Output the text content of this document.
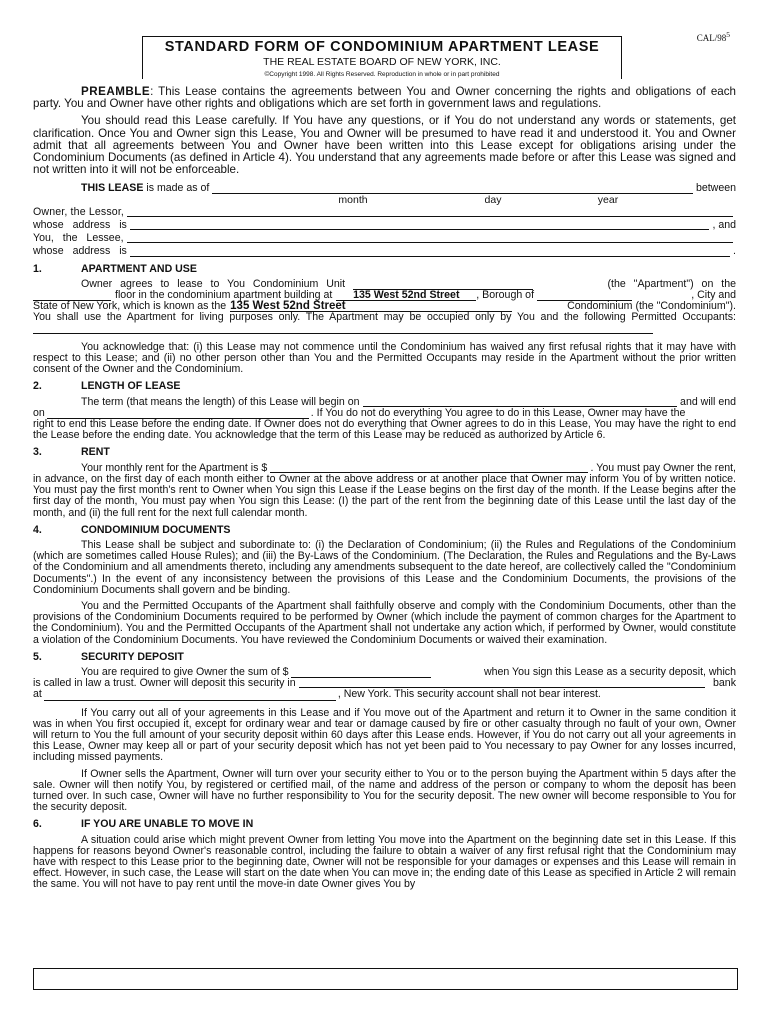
CAL/$98^5$
STANDARD FORM OF CONDOMINIUM APARTMENT LEASE
THE REAL ESTATE BOARD OF NEW YORK, INC.
©Copyright 1998. All Rights Reserved. Reproduction in whole or in part prohibited

PREAMBLE: This Lease contains the agreements between You and Owner concerning the rights and obligations of each party. You and Owner have other rights and obligations which are set forth in government laws and regulations.

You should read this Lease carefully. If You have any questions, or if You do not understand any words or statements, get clarification. Once You and Owner sign this Lease, You and Owner will be presumed to have read it and understood it. You and Owner admit that all agreements between You and Owner have been written into this Lease except for obligations arising under the Condominium Documents (as defined in Article 4). You understand that any agreements made before or after this Lease was signed and not written into it will not be enforceable.

THIS LEASE is made as of	between
month	day	year
Owner, the Lessor,
whose address is	, and
You, the Lessee,
whose address is	.
1.	APARTMENT AND USE
Owner agrees to lease to You Condominium Unit	(the "Apartment") on the
floor in the condominium apartment building at	135 West 52nd Street	, Borough of	, City and
State of New York, which is known as the 135 West 52nd Street	Condominium (the "Condominium").

You shall use the Apartment for living purposes only. The Apartment may be occupied only by You and the following Permitted Occupants:

You acknowledge that: (i) this Lease may not commence until the Condominium has waived any first refusal rights that it may have with respect to this Lease; and (ii) no other person other than You and the Permitted Occupants may reside in the Apartment without the prior written consent of the Owner and the Condominium.

2.	LENGTH OF LEASE
The term (that means the length) of this Lease will begin on	and will end
on	. If You do not do everything You agree to do in this Lease, Owner may have the

right to end this Lease before the ending date. If Owner does not do everything that Owner agrees to do in this Lease, You may have the right to end the Lease before the ending date. You acknowledge that the term of this Lease may be reduced as authorized by Article 6.

3.	RENT
Your monthly rent for the Apartment is $	. You must pay Owner the rent,

in advance, on the first day of each month either to Owner at the above address or at another place that Owner may inform You of by written notice. You must pay the first month's rent to Owner when You sign this Lease if the Lease begins on the first day of the month. If the Lease begins after the first day of the month, You must pay when You sign this Lease: (I) the part of the rent from the beginning date of this Lease until the last day of the month, and (ii) the full rent for the next full calendar month.

4.	CONDOMINIUM DOCUMENTS

This Lease shall be subject and subordinate to: (i) the Declaration of Condominium; (ii) the Rules and Regulations of the Condominium (which are sometimes called House Rules); and (iii) the By-Laws of the Condominium. (The Declaration, the Rules and Regulations and the By-Laws of the Condominium and all amendments thereto, including any amendments subsequent to the date hereof, are collectively called the "Condominium Documents".) In the event of any inconsistency between the provisions of this Lease and the Condominium Documents, the provisions of the Condominium Documents shall govern and be binding.

You and the Permitted Occupants of the Apartment shall faithfully observe and comply with the Condominium Documents, other than the provisions of the Condominium Documents required to be performed by Owner (which include the payment of common charges for the Apartment to the Condominium). You and the Permitted Occupants of the Apartment shall not undertake any action which, if performed by Owner, would constitute a violation of the Condominium Documents. You have reviewed the Condominium Documents or waived their examination.

5.	SECURITY DEPOSIT
You are required to give Owner the sum of $	when You sign this Lease as a security deposit, which
is called in law a trust. Owner will deposit this security in	bank
at	, New York. This security account shall not bear interest.

If You carry out all of your agreements in this Lease and if You move out of the Apartment and return it to Owner in the same condition it was in when You first occupied it, except for ordinary wear and tear or damage caused by fire or other casualty through no fault of your own, Owner will return to You the full amount of your security deposit within 60 days after this Lease ends. However, if You do not carry out all your agreements in this Lease, Owner may keep all or part of your security deposit which has not yet been paid to You necessary to pay Owner for any losses incurred, including missed payments.

If Owner sells the Apartment, Owner will turn over your security either to You or to the person buying the Apartment within 5 days after the sale. Owner will then notify You, by registered or certified mail, of the name and address of the person or company to whom the deposit has been turned over. In such case, Owner will have no further responsibility to You for the security deposit. The new owner will become responsible to You for the security deposit.

6.	IF YOU ARE UNABLE TO MOVE IN

A situation could arise which might prevent Owner from letting You move into the Apartment on the beginning date set in this Lease. If this happens for reasons beyond Owner's reasonable control, including the failure to obtain a waiver of any first refusal right that the Condominium may have with respect to this Lease prior to the beginning date, Owner will not be responsible for your damages or expenses and this Lease will remain in effect. However, in such case, the Lease will start on the date when You can move in; the ending date of this Lease as specified in Article 2 will remain the same. You will not have to pay rent until the move-in date Owner gives You by
